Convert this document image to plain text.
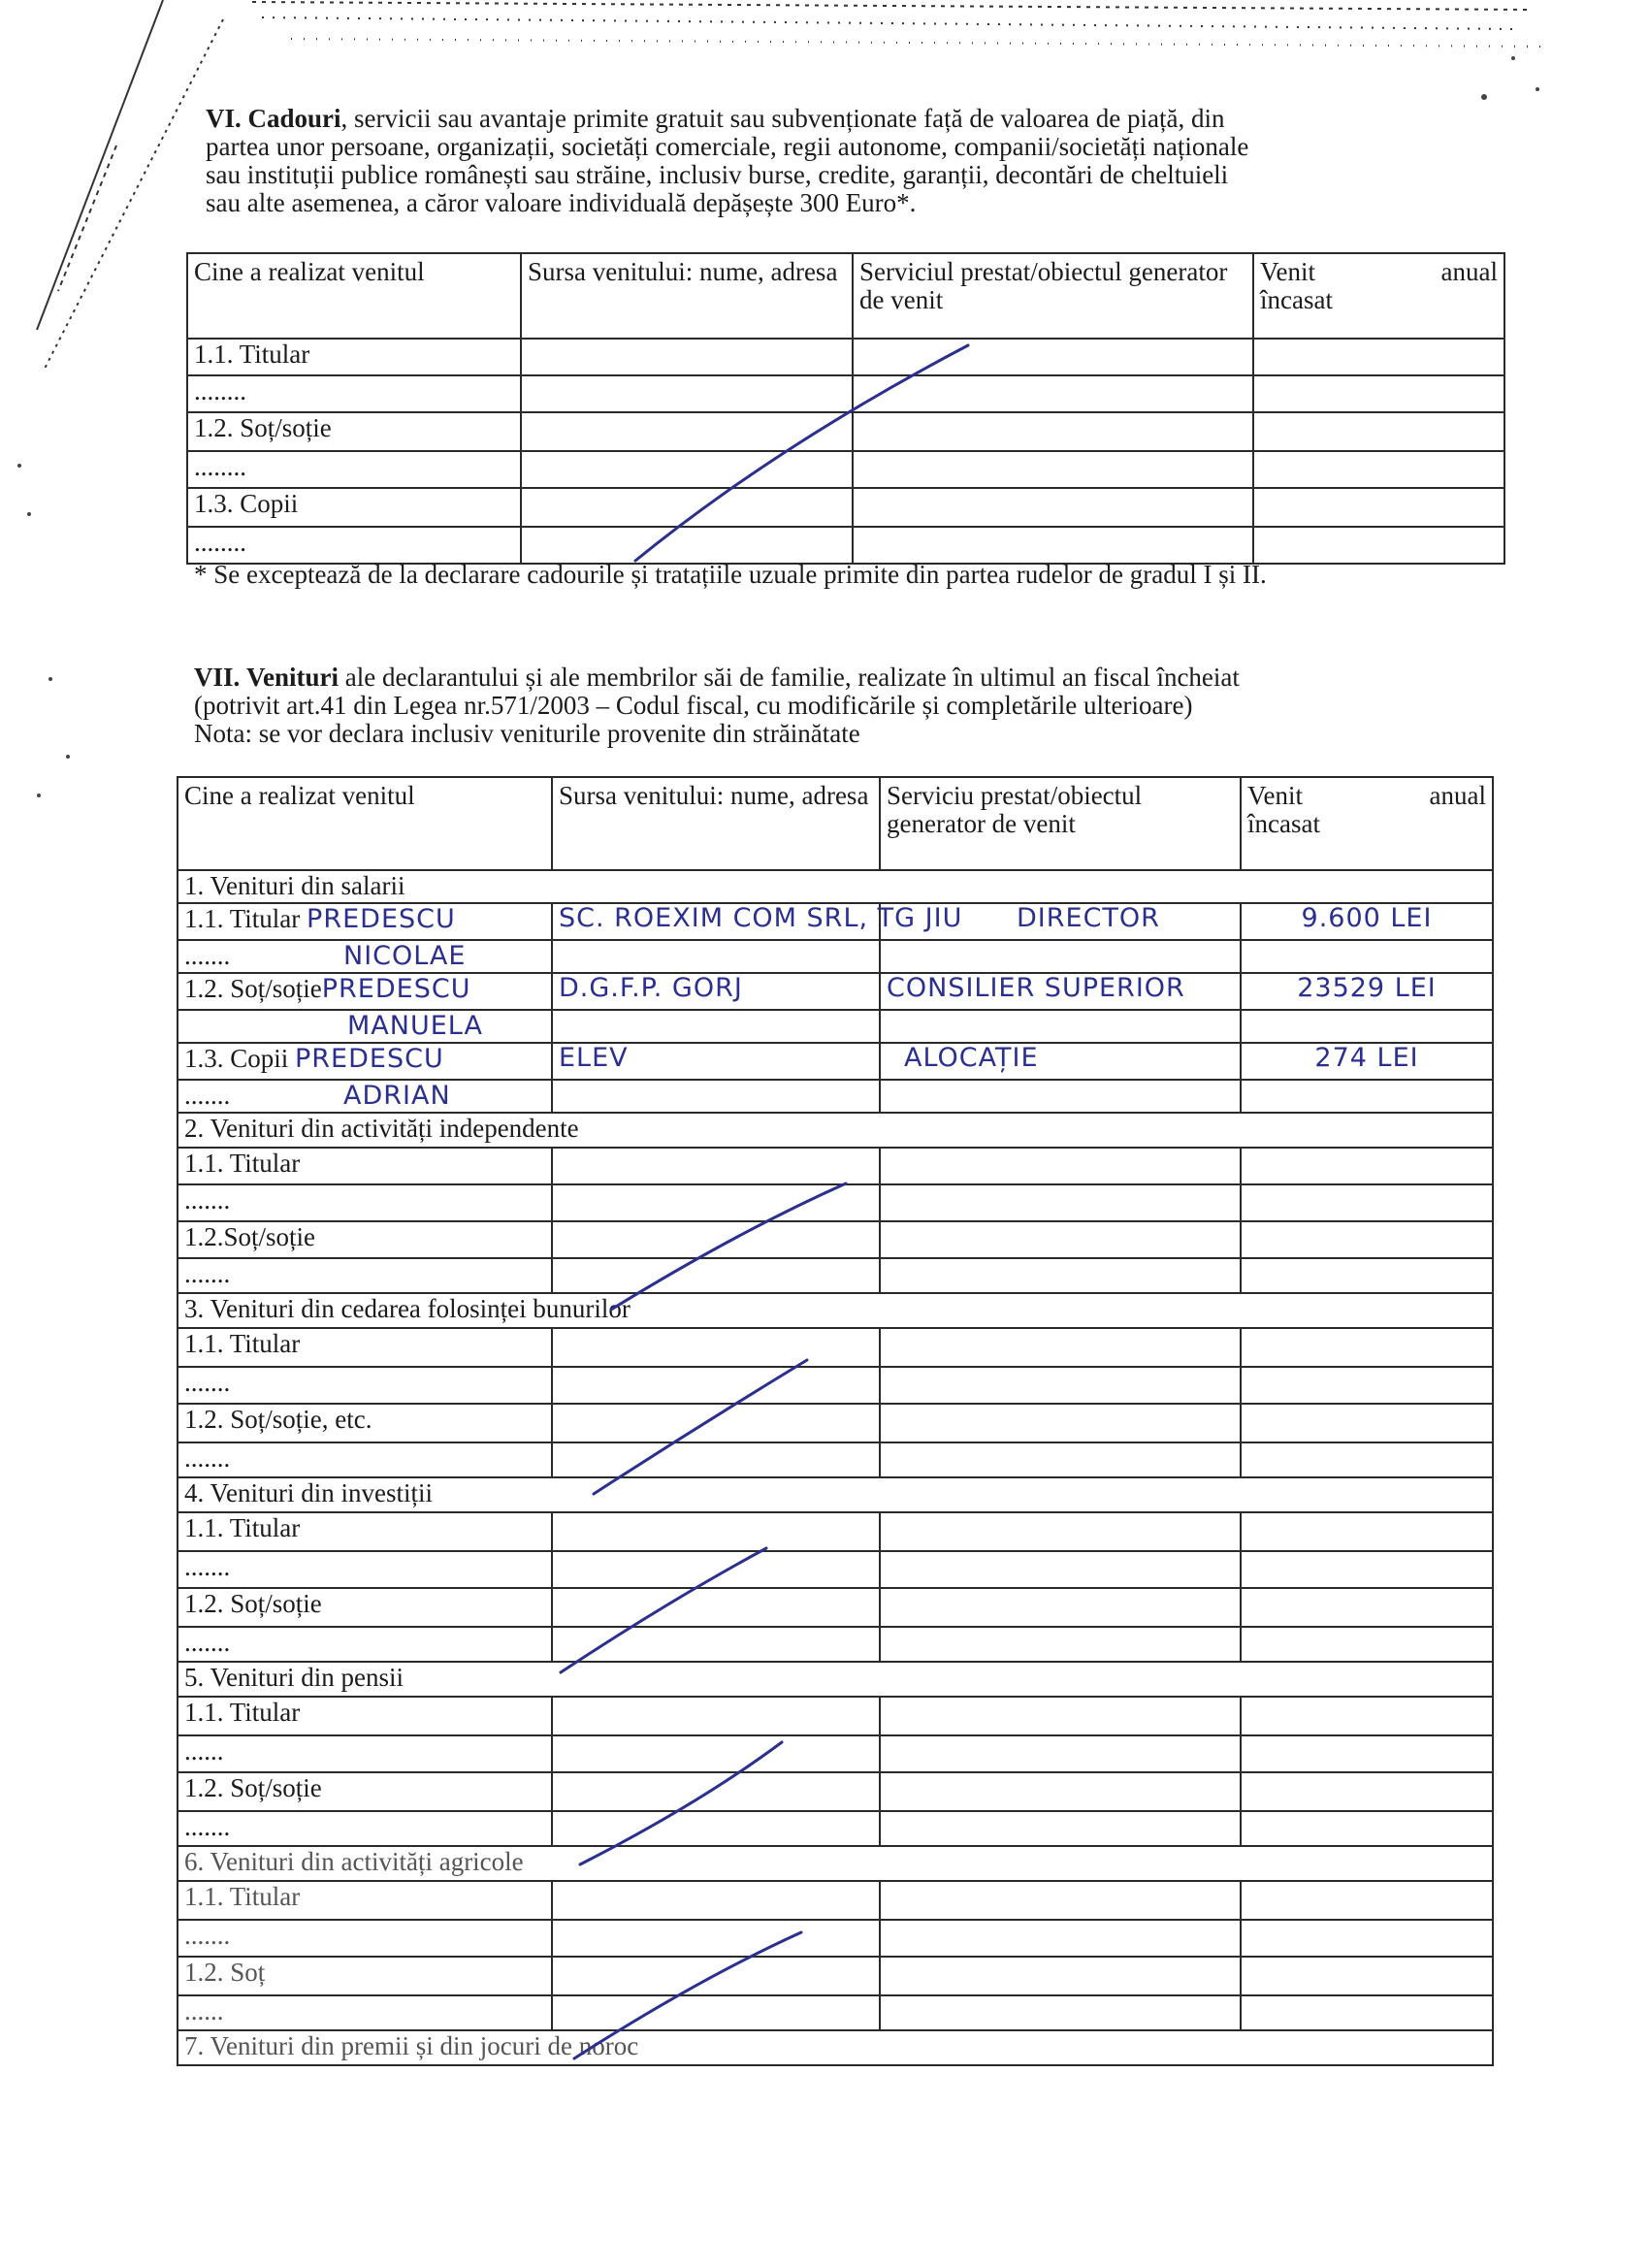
VI. Cadouri, servicii sau avantaje primite gratuit sau subvenționate față de valoarea de piață, din
partea unor persoane, organizații, societăți comerciale, regii autonome, companii/societăți naționale
sau instituții publice românești sau străine, inclusiv burse, credite, garanții, decontări de cheltuieli
sau alte asemenea, a căror valoare individuală depășește 300 Euro*.

Cine a realizat venitul	Sursa venitului: nume, adresa	Serviciul prestat/obiectul generator de venit	Venit anual
încasat
1.1. Titular			
........			
1.2. Soț/soție			
........			
1.3. Copii			
........			

* Se exceptează de la declarare cadourile și tratațiile uzuale primite din partea rudelor de gradul I și II.

VII. Venituri ale declarantului și ale membrilor săi de familie, realizate în ultimul an fiscal încheiat
(potrivit art.41 din Legea nr.571/2003 – Codul fiscal, cu modificările și completările ulterioare)
Nota: se vor declara inclusiv veniturile provenite din străinătate

Cine a realizat venitul	Sursa venitului: nume, adresa	Serviciu prestat/obiectul generator de venit	Venit anual
încasat
1. Venituri din salarii			
1.1. Titular PREDESCU	SC. ROEXIM COM SRL, TG JIU	DIRECTOR	9.600 LEI
....... NICOLAE			
1.2. Soț/soțiePREDESCU	D.G.F.P. GORJ	CONSILIER SUPERIOR	23529 LEI
MANUELA			
1.3. Copii PREDESCU	ELEV	ALOCAȚIE	274 LEI
....... ADRIAN			
2. Venituri din activități independente			
1.1. Titular			
.......			
1.2.Soț/soție			
.......			
3. Venituri din cedarea folosinței bunurilor			
1.1. Titular			
.......			
1.2. Soț/soție, etc.			
.......			
4. Venituri din investiții			
1.1. Titular			
.......			
1.2. Soț/soție			
.......			
5. Venituri din pensii			
1.1. Titular			
......			
1.2. Soț/soție			
.......			
6. Venituri din activități agricole			
1.1. Titular			
.......			
1.2. Soț			
......			
7. Venituri din premii și din jocuri de noroc			
